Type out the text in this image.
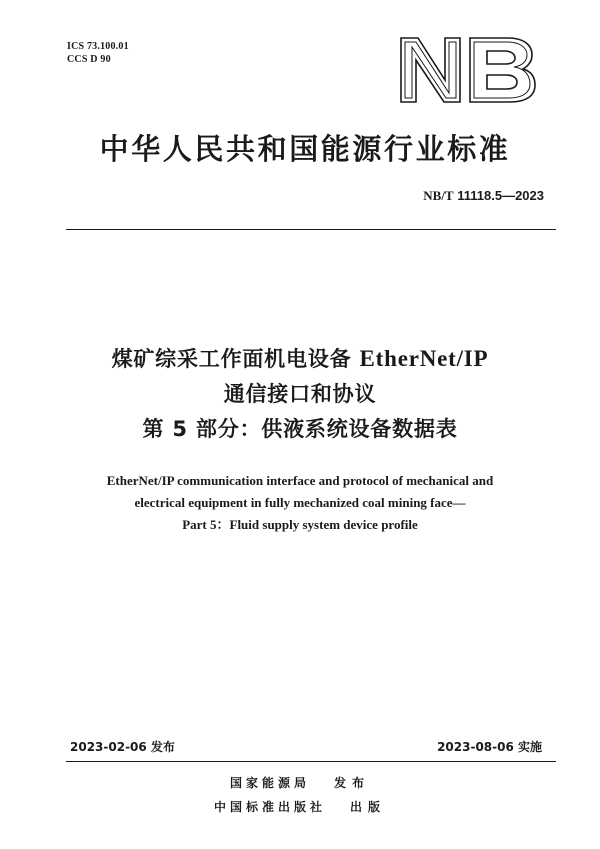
ICS 73.100.01
CCS D 90
中华人民共和国能源行业标准
NB/T 11118.5—2023
煤矿综采工作面机电设备 EtherNet/IP
通信接口和协议
第 5 部分：供液系统设备数据表
EtherNet/IP communication interface and protocol of mechanical and
electrical equipment in fully mechanized coal mining face—
Part 5：Fluid supply system device profile
2023-02-06 发布	2023-08-06 实施
国家能源局 发布
中国标准出版社 出版
